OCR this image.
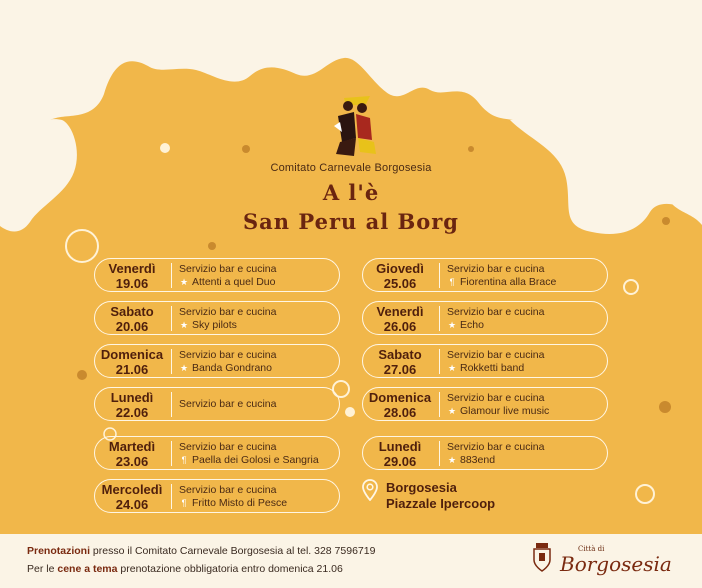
Comitato Carnevale Borgosesia
A l'è
San Peru al Borg
Venerdì
19.06
Servizio bar e cucina
★ Attenti a quel Duo
Sabato
20.06
Servizio bar e cucina
★ Sky pilots
Domenica
21.06
Servizio bar e cucina
★ Banda Gondrano
Lunedì
22.06
Servizio bar e cucina
Martedì
23.06
Servizio bar e cucina
¶ Paella dei Golosi e Sangria
Mercoledì
24.06
Servizio bar e cucina
¶ Fritto Misto di Pesce
Giovedì
25.06
Servizio bar e cucina
¶ Fiorentina alla Brace
Venerdì
26.06
Servizio bar e cucina
★ Echo
Sabato
27.06
Servizio bar e cucina
★ Rokketti band
Domenica
28.06
Servizio bar e cucina
★ Glamour live music
Lunedì
29.06
Servizio bar e cucina
★ 883end
Borgosesia
Piazzale Ipercoop
Prenotazioni presso il Comitato Carnevale Borgosesia al tel. 328 7596719
Per le cene a tema prenotazione obbligatoria entro domenica 21.06
Città di
Borgosesia
